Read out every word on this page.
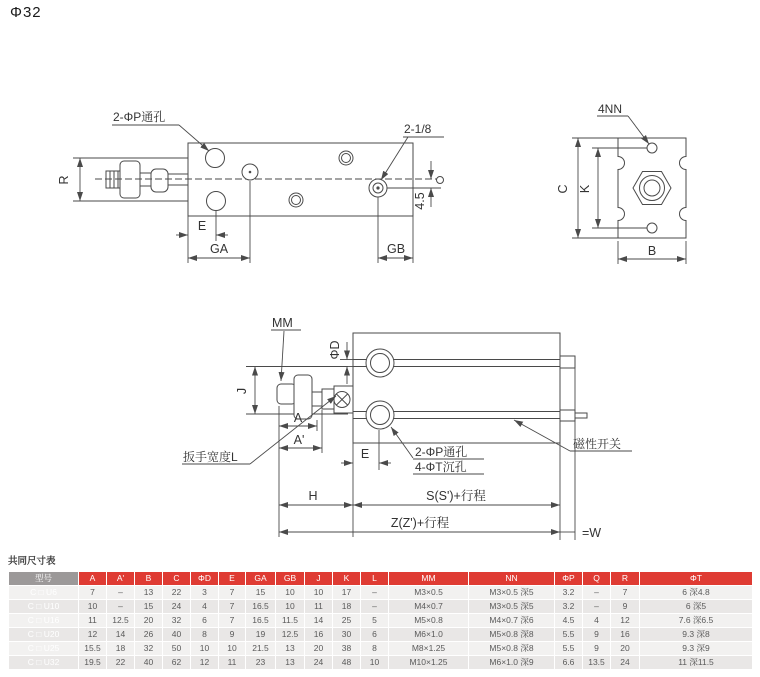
Φ32
R
E
GA	GB
4.5
2-ΦP通孔
2-1/8
4NN
C K
B
MM
ΦD
J
A
A'
扳手宽度L	E	2-ΦP通孔
4-ΦT沉孔
磁性开关
H	S(S')+行程
Z(Z')+行程
=W
共同尺寸表
型号	A	A'	B	C	ΦD	E	GA	GB	J	K	L	MM	NN	ΦP	Q	R	ΦT
C □ U6	7	–	13	22	3	7	15	10	10	17	–	M3×0.5	M3×0.5 深5	3.2	–	7	6 深4.8
C □ U10	10	–	15	24	4	7	16.5	10	11	18	–	M4×0.7	M3×0.5 深5	3.2	–	9	6 深5
C □ U16	11	12.5	20	32	6	7	16.5	11.5	14	25	5	M5×0.8	M4×0.7 深6	4.5	4	12	7.6 深6.5
C □ U20	12	14	26	40	8	9	19	12.5	16	30	6	M6×1.0	M5×0.8 深8	5.5	9	16	9.3 深8
C □ U25	15.5	18	32	50	10	10	21.5	13	20	38	8	M8×1.25	M5×0.8 深8	5.5	9	20	9.3 深9
C □ U32	19.5	22	40	62	12	11	23	13	24	48	10	M10×1.25	M6×1.0 深9	6.6	13.5	24	11 深11.5
